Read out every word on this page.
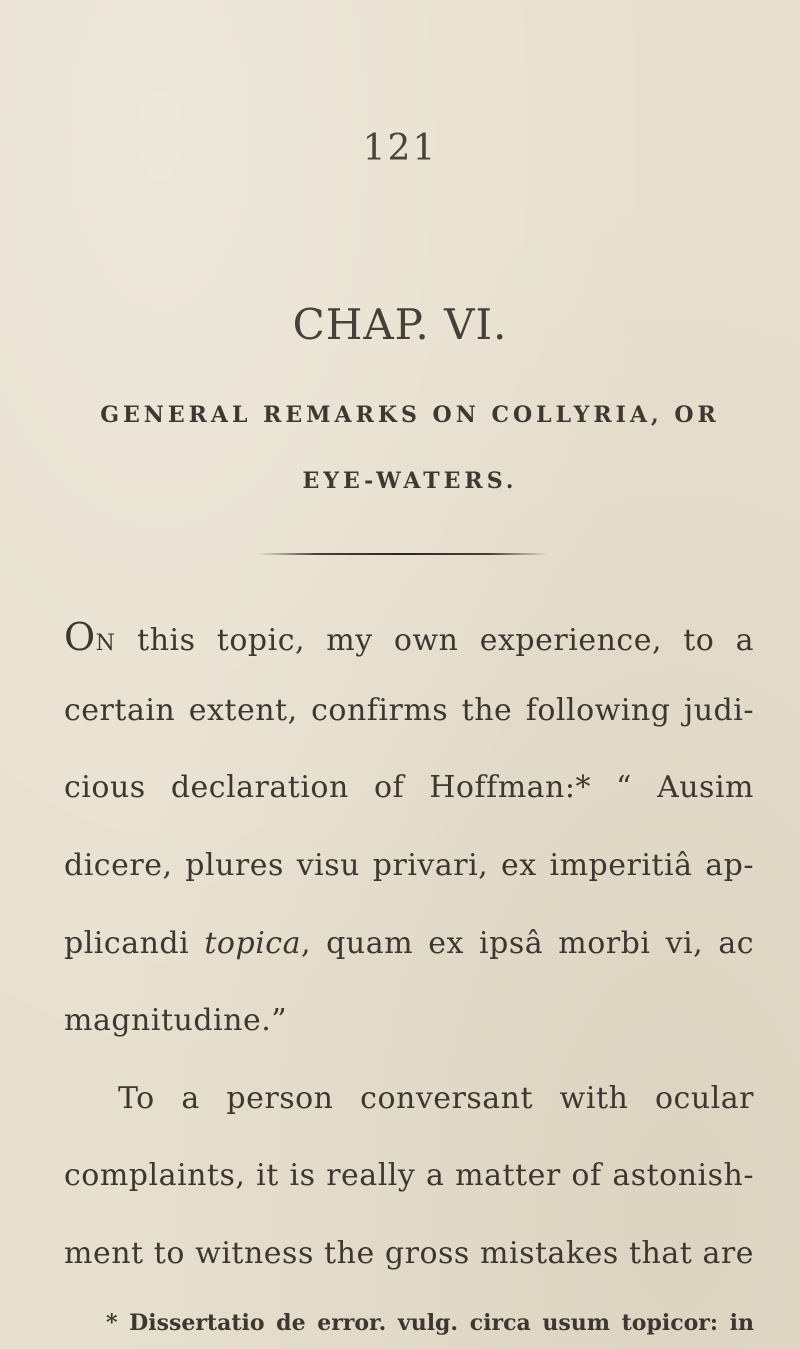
121
CHAP. VI.
GENERAL REMARKS ON COLLYRIA, OR
EYE-WATERS.
ON this topic, my own experience, to a
certain extent, confirms the following judi-
cious declaration of Hoffman:* “ Ausim
dicere, plures visu privari, ex imperitiâ ap-
plicandi topica, quam ex ipsâ morbi vi, ac
magnitudine.”
To a person conversant with ocular
complaints, it is really a matter of astonish-
ment to witness the gross mistakes that are
* Dissertatio de error. vulg. circa usum topicor: in
